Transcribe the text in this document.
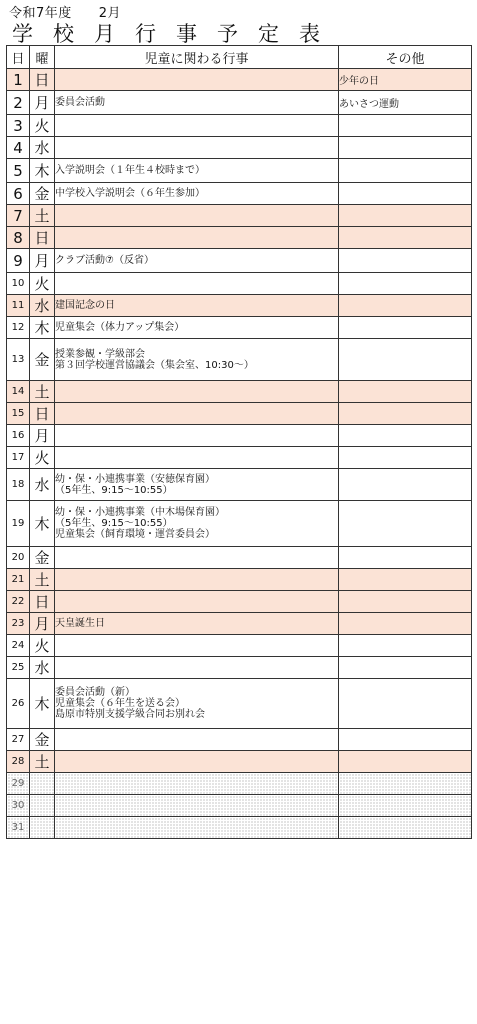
令和7年度　　2月
学校月行事予定表
日	曜	児童に関わる行事	その他
1	日		少年の日
2	月	委員会活動	あいさつ運動
3	火		
4	水		
5	木	入学説明会（１年生４校時まで）	

6	金	中学校入学説明会（６年生参加）	

7	土		
8	日		
9	月	クラブ活動⑦（反省）	

10	火		
11	水	建国記念の日	

12	木	児童集会（体力アップ集会）	

13	金	授業参観・学級部会
第３回学校運営協議会（集会室、10:30～）	

14	土		
15	日		
16	月		
17	火		
18	水	幼・保・小連携事業（安徳保育園）
（5年生、9:15～10:55）	

19	木	幼・保・小連携事業（中木場保育園）
（5年生、9:15～10:55）
児童集会（飼育環境・運営委員会）	

20	金		
21	土		
22	日		
23	月	天皇誕生日	

24	火		
25	水		
26	木	委員会活動（新）
児童集会（６年生を送る会）
島原市特別支援学級合同お別れ会	

27	金		
28	土		
29			
30			
31			
